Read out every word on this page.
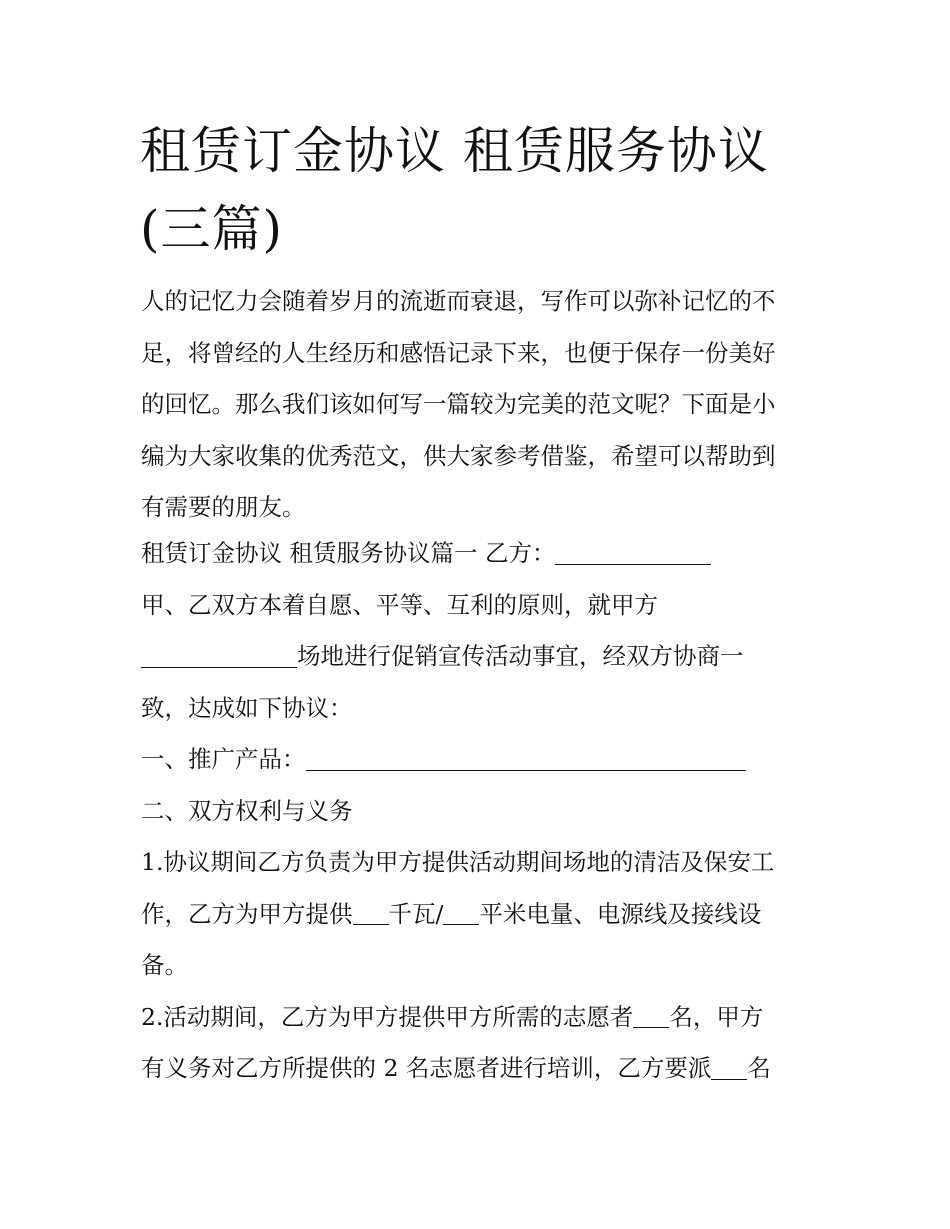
租赁订金协议 租赁服务协议
(三篇)
人的记忆力会随着岁月的流逝而衰退，写作可以弥补记忆的不
足，将曾经的人生经历和感悟记录下来，也便于保存一份美好
的回忆。那么我们该如何写一篇较为完美的范文呢？下面是小
编为大家收集的优秀范文，供大家参考借鉴，希望可以帮助到
有需要的朋友。
租赁订金协议 租赁服务协议篇一 乙方：
甲、乙双方本着自愿、平等、互利的原则，就甲方
场地进行促销宣传活动事宜，经双方协商一
致，达成如下协议：
一、推广产品：
二、双方权利与义务
1.协议期间乙方负责为甲方提供活动期间场地的清洁及保安工
作，乙方为甲方提供 千瓦/ 平米电量、电源线及接线设
备。
2.活动期间，乙方为甲方提供甲方所需的志愿者 名，甲方
有义务对乙方所提供的 2 名志愿者进行培训，乙方要派 名
